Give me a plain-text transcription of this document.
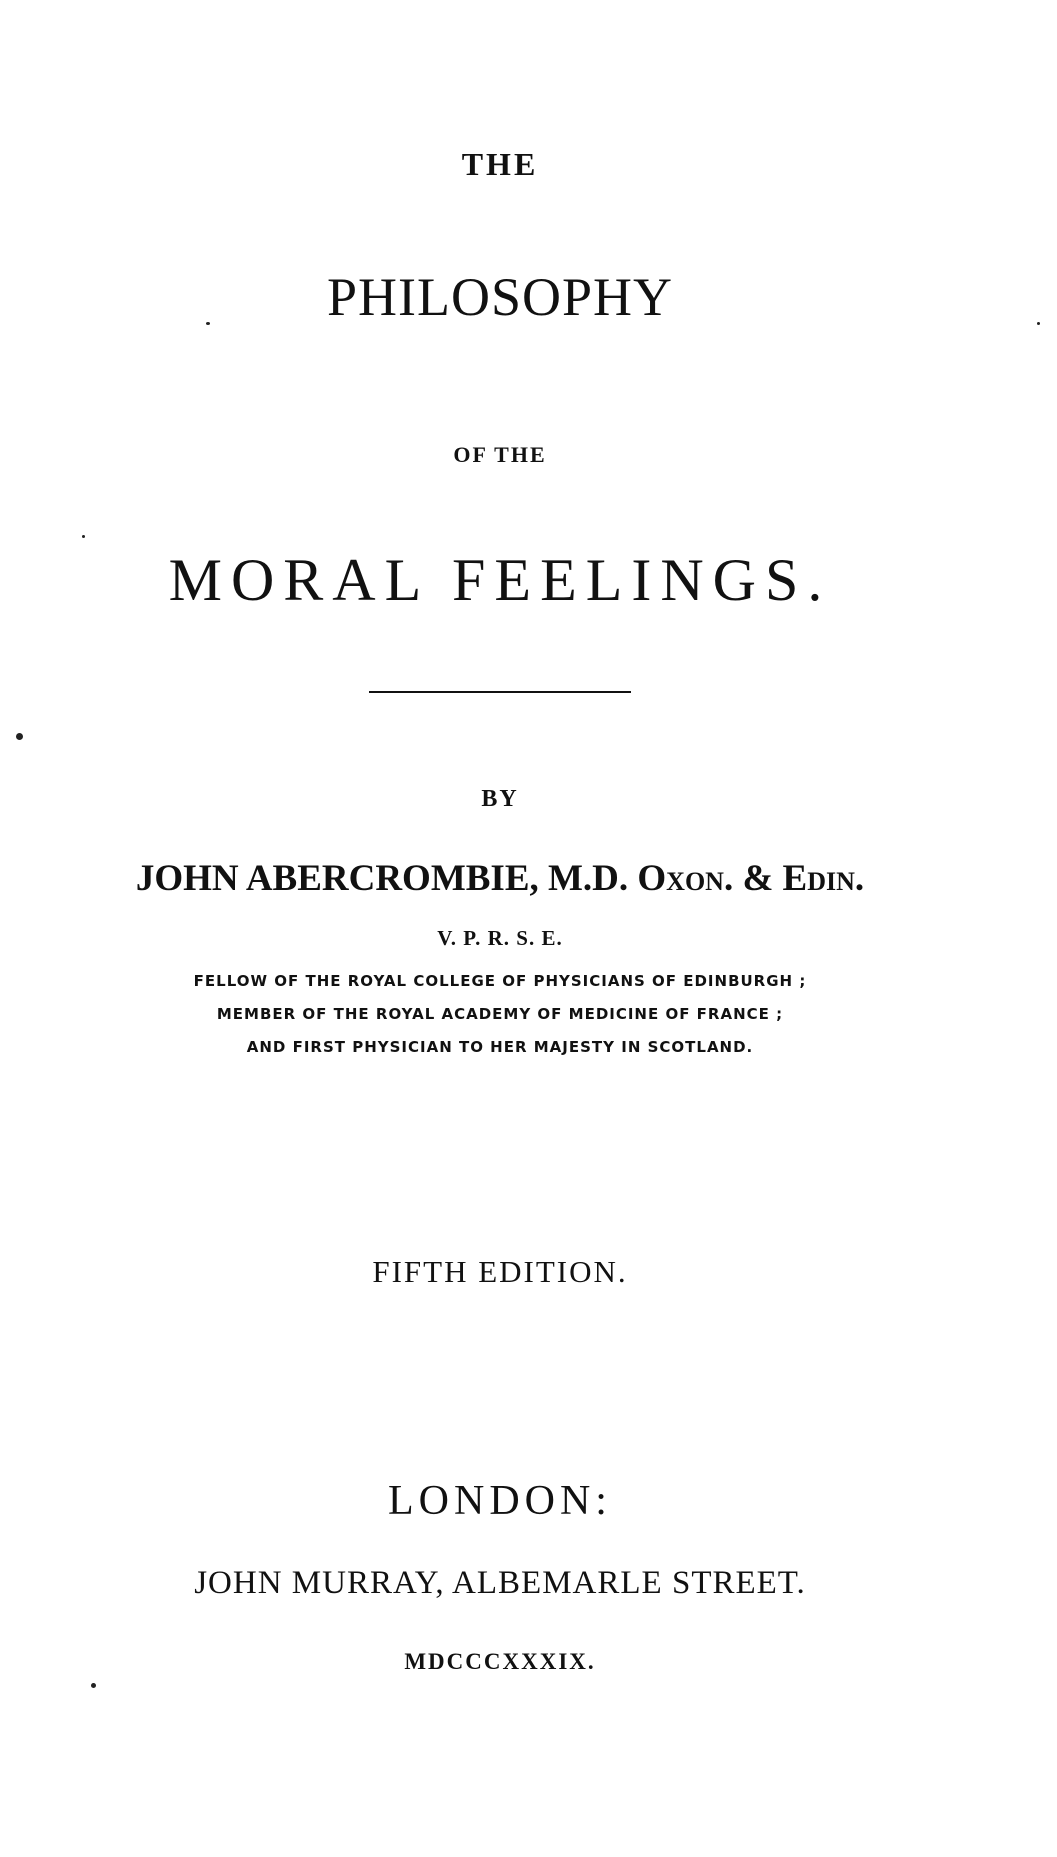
THE
PHILOSOPHY
OF THE
MORAL FEELINGS.
BY
JOHN ABERCROMBIE, M.D. Oxon. & Edin.
V. P. R. S. E.
FELLOW OF THE ROYAL COLLEGE OF PHYSICIANS OF EDINBURGH ;
MEMBER OF THE ROYAL ACADEMY OF MEDICINE OF FRANCE ;
AND FIRST PHYSICIAN TO HER MAJESTY IN SCOTLAND.
FIFTH EDITION.
LONDON:
JOHN MURRAY, ALBEMARLE STREET.
MDCCCXXXIX.
